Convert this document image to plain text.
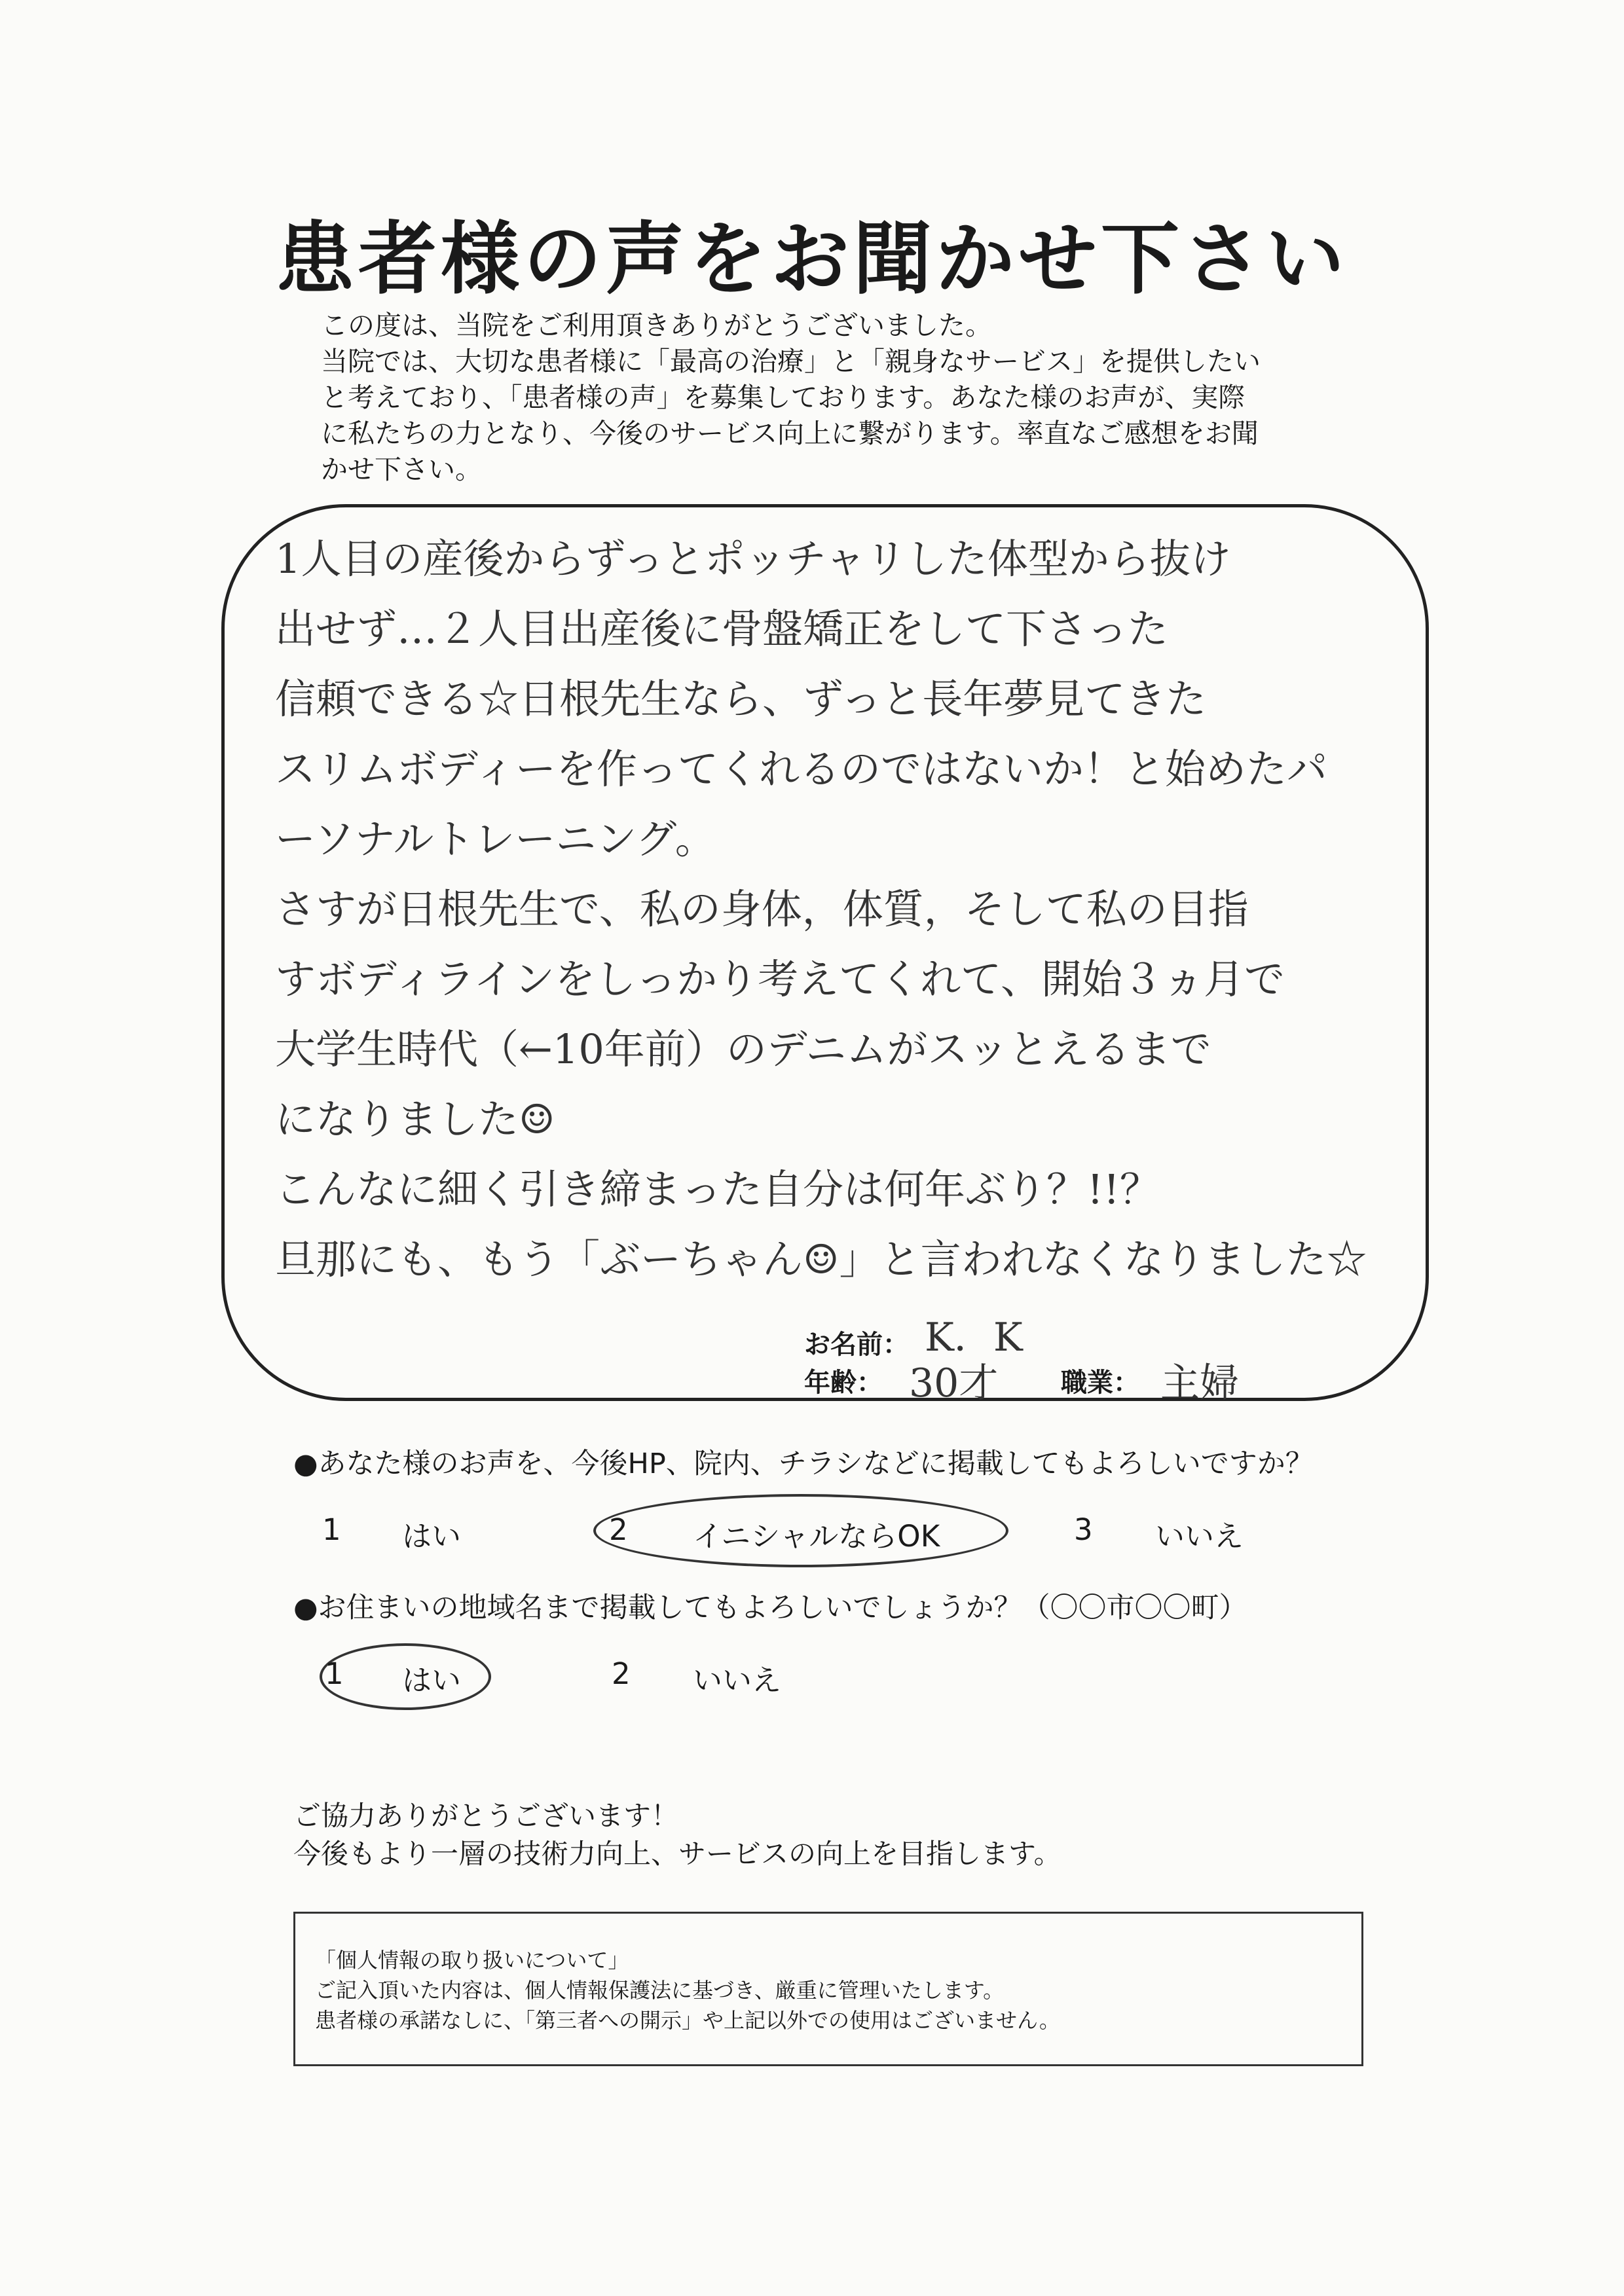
患者様の声をお聞かせ下さい
この度は、当院をご利用頂きありがとうございました。
当院では、大切な患者様に「最高の治療」と「親身なサービス」を提供したい
と考えており、「患者様の声」を募集しております。あなた様のお声が、実際
に私たちの力となり、今後のサービス向上に繋がります。率直なご感想をお聞
かせ下さい。
1人目の産後からずっとポッチャリした体型から抜け
出せず…２人目出産後に骨盤矯正をして下さった
信頼できる☆日根先生なら、ずっと長年夢見てきた
スリムボディーを作ってくれるのではないか！と始めたパ
ーソナルトレーニング。
さすが日根先生で、私の身体，体質，そして私の目指
すボディラインをしっかり考えてくれて、開始３ヵ月で
大学生時代（←10年前）のデニムがスッとえるまで
になりました☺
こんなに細く引き締まった自分は何年ぶり？!!？
旦那にも、もう「ぶーちゃん☺」と言われなくなりました☆
お名前： K．K
年齢： 30才 職業： 主婦
●あなた様のお声を、今後HP、院内、チラシなどに掲載してもよろしいですか？
1 はい	2 イニシャルならOK	3 いいえ
●お住まいの地域名まで掲載してもよろしいでしょうか？（〇〇市〇〇町）
1 はい	2 いいえ
ご協力ありがとうございます！
今後もより一層の技術力向上、サービスの向上を目指します。
「個人情報の取り扱いについて」
ご記入頂いた内容は、個人情報保護法に基づき、厳重に管理いたします。
患者様の承諾なしに、「第三者への開示」や上記以外での使用はございません。
